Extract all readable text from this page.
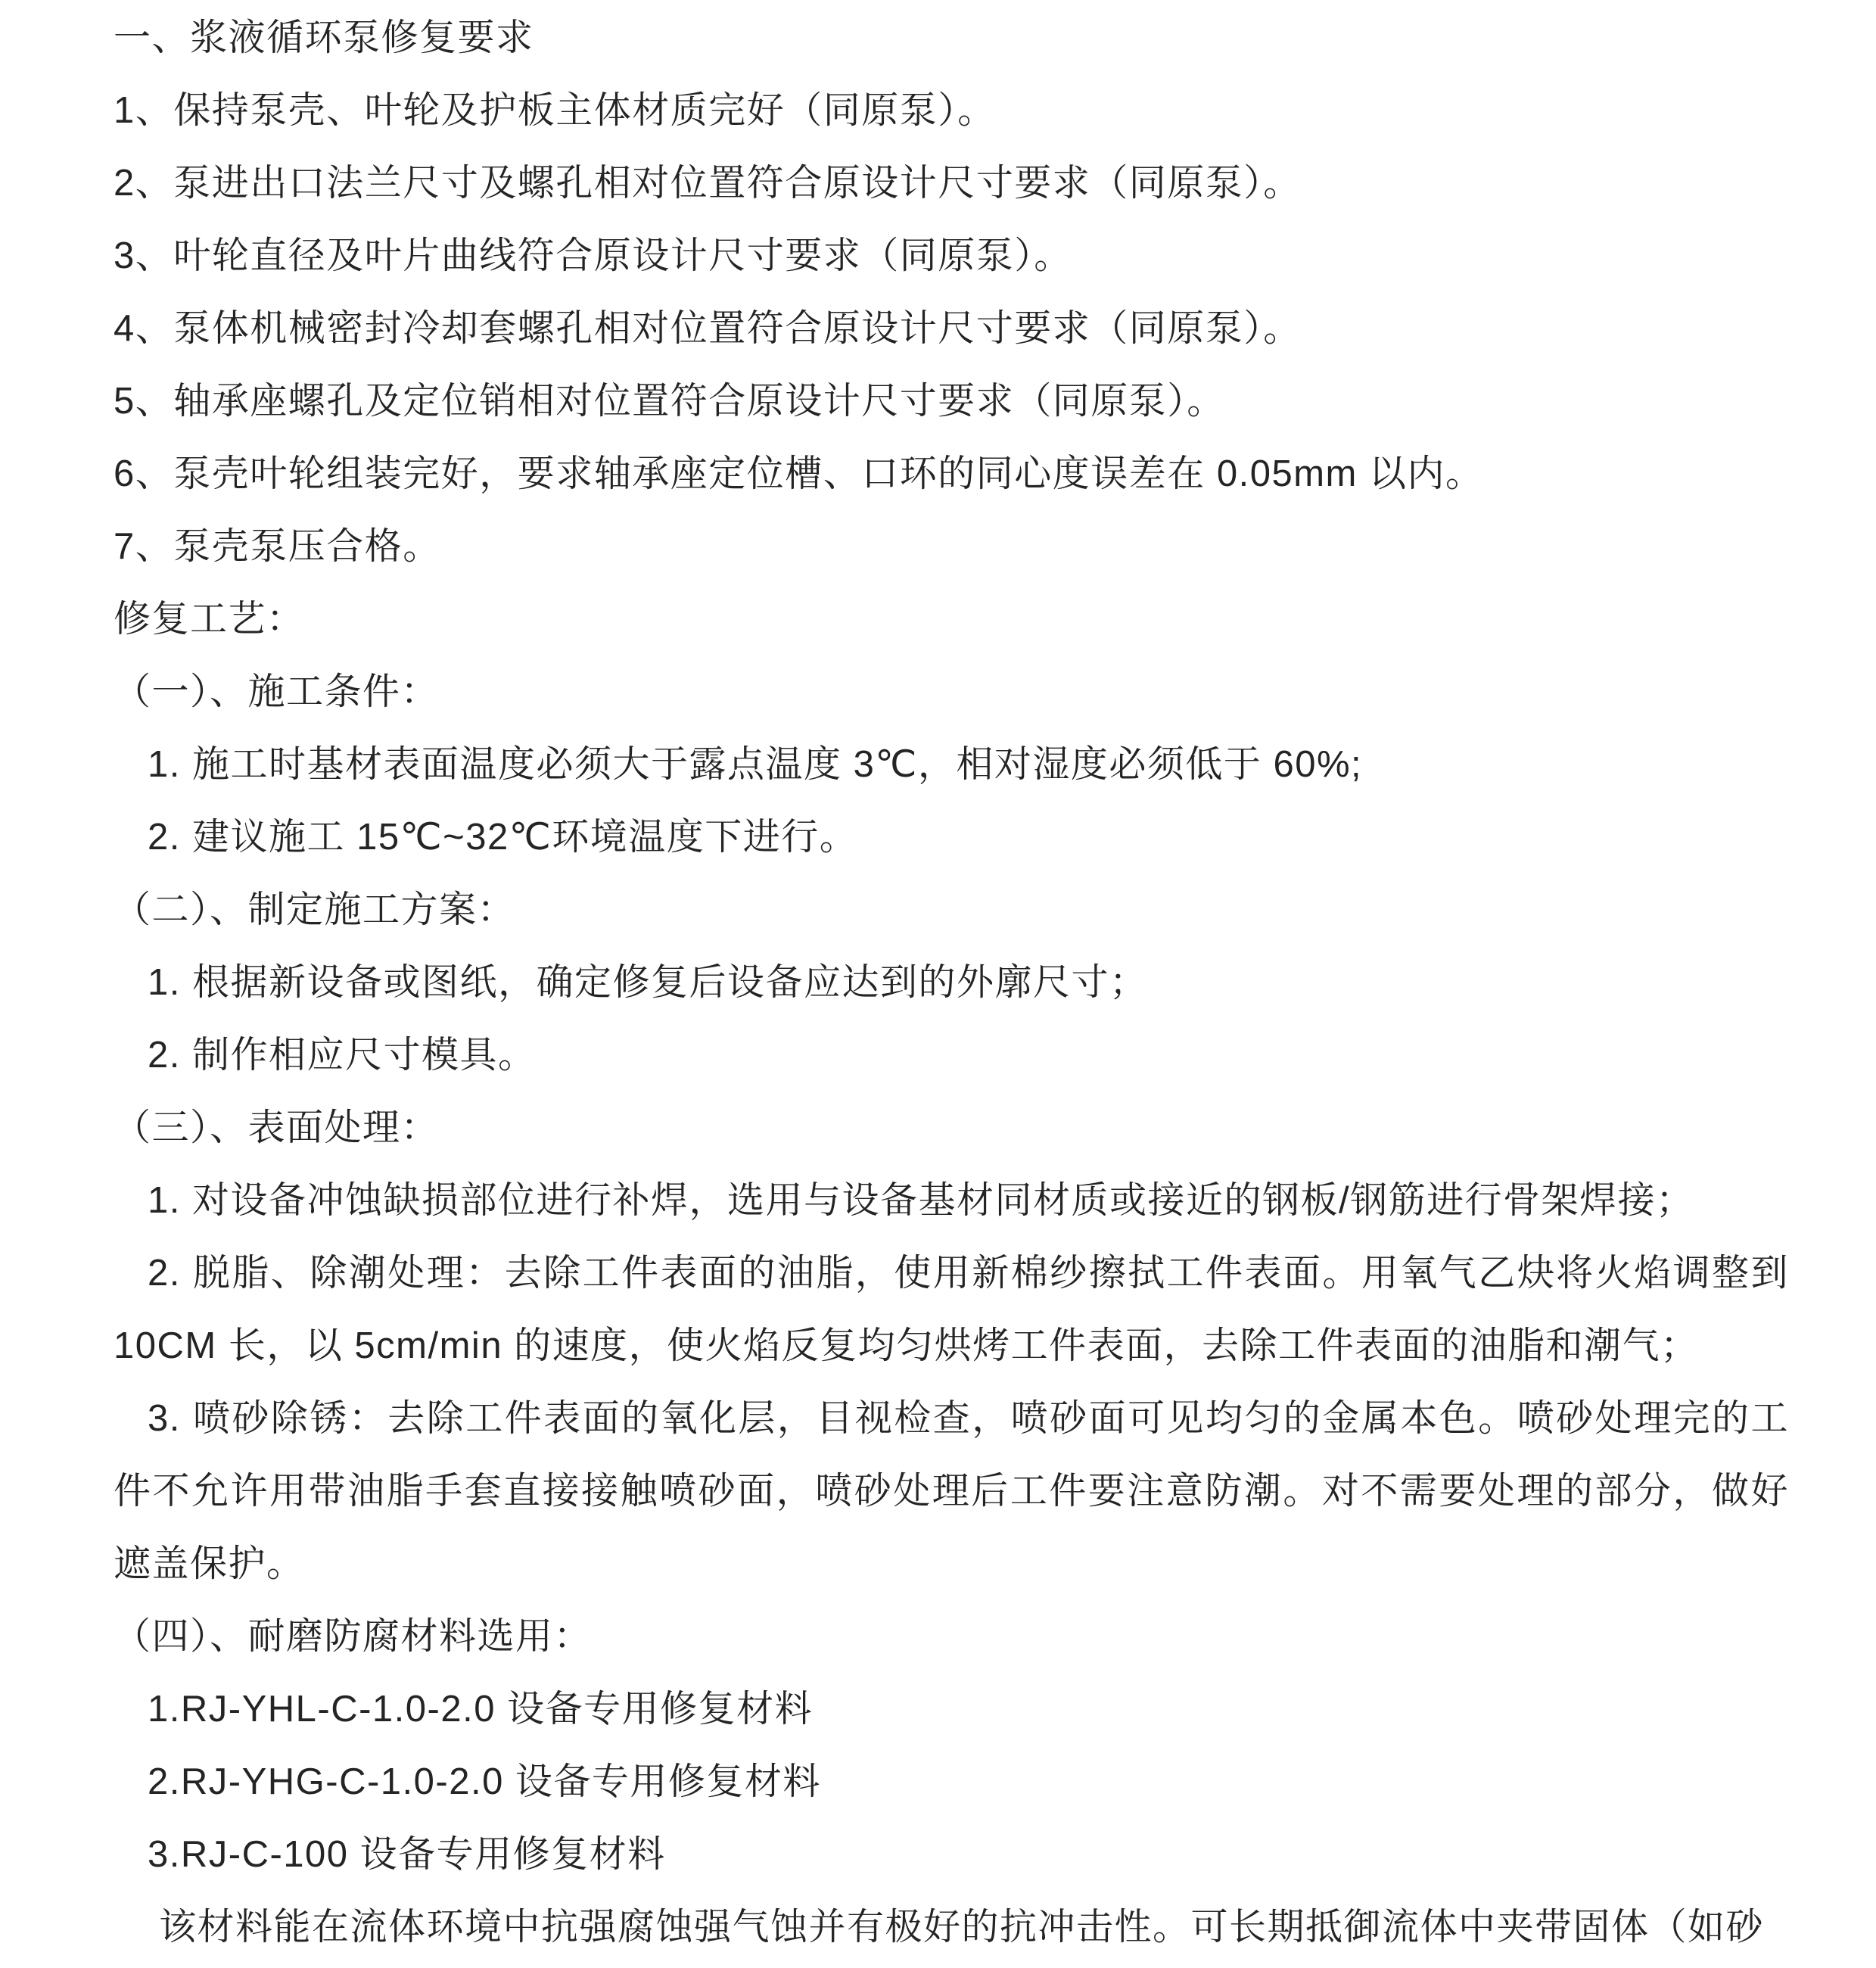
一、浆液循环泵修复要求

1、保持泵壳、叶轮及护板主体材质完好（同原泵）。

2、泵进出口法兰尺寸及螺孔相对位置符合原设计尺寸要求（同原泵）。

3、叶轮直径及叶片曲线符合原设计尺寸要求（同原泵）。

4、泵体机械密封冷却套螺孔相对位置符合原设计尺寸要求（同原泵）。

5、轴承座螺孔及定位销相对位置符合原设计尺寸要求（同原泵）。

6、泵壳叶轮组装完好，要求轴承座定位槽、口环的同心度误差在 0.05mm 以内。

7、泵壳泵压合格。

修复工艺：
（一）、施工条件：

1. 施工时基材表面温度必须大于露点温度 3℃，相对湿度必须低于 60%;

2. 建议施工 15℃~32℃环境温度下进行。

（二）、制定施工方案：

1. 根据新设备或图纸，确定修复后设备应达到的外廓尺寸；

2. 制作相应尺寸模具。

（三）、表面处理：

1. 对设备冲蚀缺损部位进行补焊，选用与设备基材同材质或接近的钢板/钢筋进行骨架焊接；

2. 脱脂、除潮处理：去除工件表面的油脂，使用新棉纱擦拭工件表面。用氧气乙炔将火焰调整到 10CM 长，以 5cm/min 的速度，使火焰反复均匀烘烤工件表面，去除工件表面的油脂和潮气；

3. 喷砂除锈：去除工件表面的氧化层，目视检查，喷砂面可见均匀的金属本色。喷砂处理完的工件不允许用带油脂手套直接接触喷砂面，喷砂处理后工件要注意防潮。对不需要处理的部分，做好遮盖保护。

（四）、耐磨防腐材料选用：

1.RJ-YHL-C-1.0-2.0 设备专用修复材料

2.RJ-YHG-C-1.0-2.0 设备专用修复材料

3.RJ-C-100 设备专用修复材料

该材料能在流体环境中抗强腐蚀强气蚀并有极好的抗冲击性。可长期抵御流体中夹带固体（如砂
